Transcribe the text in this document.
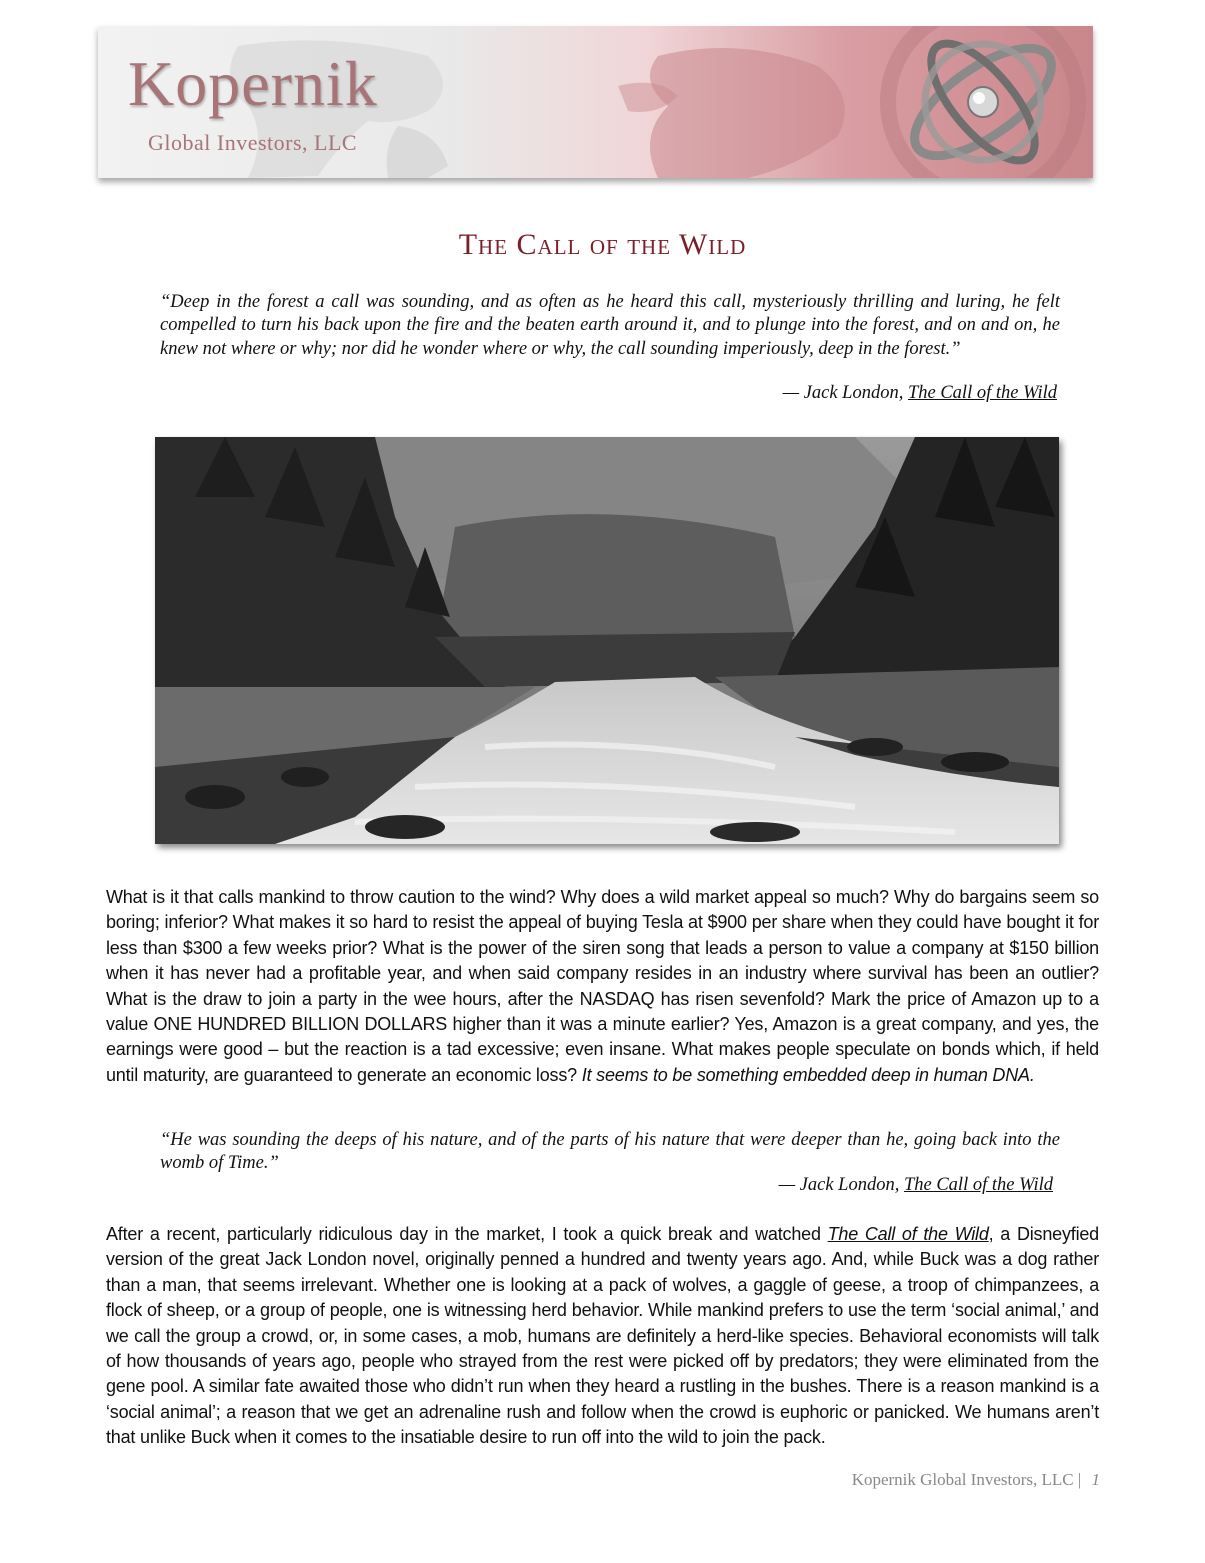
Kopernik
Global Investors, LLC
The Call of the Wild
“Deep in the forest a call was sounding, and as often as he heard this call, mysteriously thrilling and luring, he felt compelled to turn his back upon the fire and the beaten earth around it, and to plunge into the forest, and on and on, he knew not where or why; nor did he wonder where or why, the call sounding imperiously, deep in the forest.”
— Jack London, The Call of the Wild
What is it that calls mankind to throw caution to the wind? Why does a wild market appeal so much? Why do bargains seem so boring; inferior? What makes it so hard to resist the appeal of buying Tesla at $900 per share when they could have bought it for less than $300 a few weeks prior? What is the power of the siren song that leads a person to value a company at $150 billion when it has never had a profitable year, and when said company resides in an industry where survival has been an outlier? What is the draw to join a party in the wee hours, after the NASDAQ has risen sevenfold? Mark the price of Amazon up to a value ONE HUNDRED BILLION DOLLARS higher than it was a minute earlier? Yes, Amazon is a great company, and yes, the earnings were good – but the reaction is a tad excessive; even insane. What makes people speculate on bonds which, if held until maturity, are guaranteed to generate an economic loss? It seems to be something embedded deep in human DNA.
“He was sounding the deeps of his nature, and of the parts of his nature that were deeper than he, going back into the womb of Time.”
— Jack London, The Call of the Wild
After a recent, particularly ridiculous day in the market, I took a quick break and watched The Call of the Wild, a Disneyfied version of the great Jack London novel, originally penned a hundred and twenty years ago. And, while Buck was a dog rather than a man, that seems irrelevant. Whether one is looking at a pack of wolves, a gaggle of geese, a troop of chimpanzees, a flock of sheep, or a group of people, one is witnessing herd behavior. While mankind prefers to use the term ‘social animal,’ and we call the group a crowd, or, in some cases, a mob, humans are definitely a herd-like species. Behavioral economists will talk of how thousands of years ago, people who strayed from the rest were picked off by predators; they were eliminated from the gene pool. A similar fate awaited those who didn’t run when they heard a rustling in the bushes. There is a reason mankind is a ‘social animal’; a reason that we get an adrenaline rush and follow when the crowd is euphoric or panicked. We humans aren’t that unlike Buck when it comes to the insatiable desire to run off into the wild to join the pack.
Kopernik Global Investors, LLC | 1
